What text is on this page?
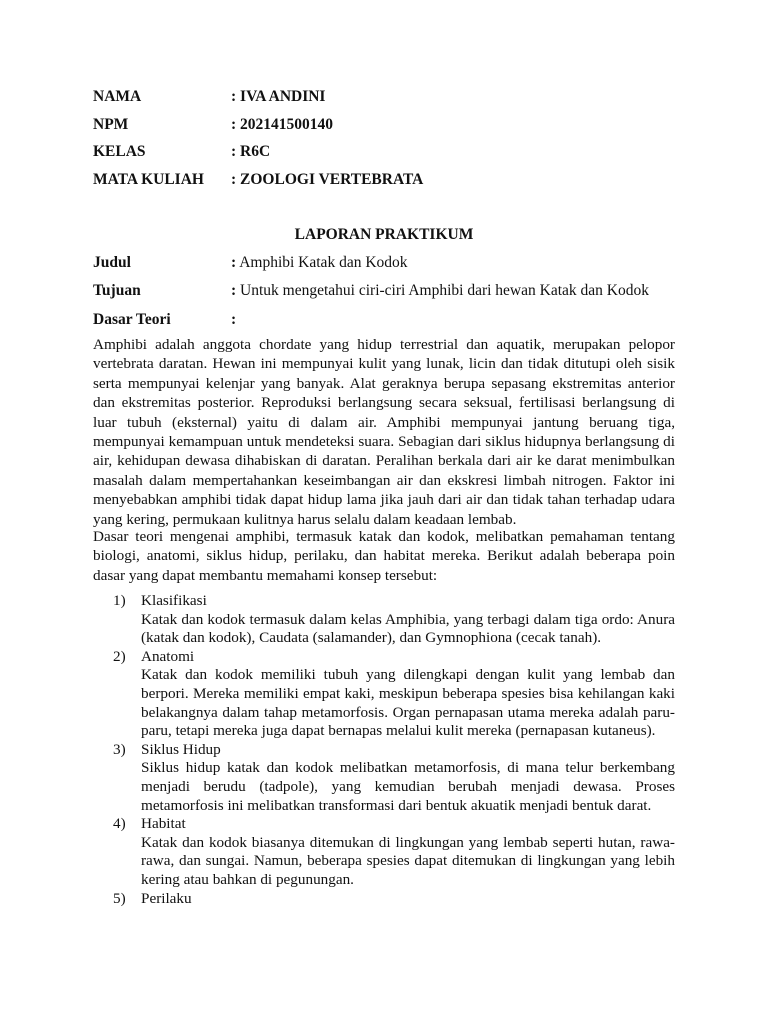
NAMA	: IVA ANDINI
NPM	: 202141500140
KELAS	: R6C
MATA KULIAH : ZOOLOGI VERTEBRATA
LAPORAN PRAKTIKUM
Judul	: Amphibi Katak dan Kodok
Tujuan	: Untuk mengetahui ciri-ciri Amphibi dari hewan Katak dan Kodok
Dasar Teori	:

Amphibi adalah anggota chordate yang hidup terrestrial dan aquatik, merupakan pelopor vertebrata daratan. Hewan ini mempunyai kulit yang lunak, licin dan tidak ditutupi oleh sisik serta mempunyai kelenjar yang banyak. Alat geraknya berupa sepasang ekstremitas anterior dan ekstremitas posterior. Reproduksi berlangsung secara seksual, fertilisasi berlangsung di luar tubuh (eksternal) yaitu di dalam air. Amphibi mempunyai jantung beruang tiga, mempunyai kemampuan untuk mendeteksi suara. Sebagian dari siklus hidupnya berlangsung di air, kehidupan dewasa dihabiskan di daratan. Peralihan berkala dari air ke darat menimbulkan masalah dalam mempertahankan keseimbangan air dan ekskresi limbah nitrogen. Faktor ini menyebabkan amphibi tidak dapat hidup lama jika jauh dari air dan tidak tahan terhadap udara yang kering, permukaan kulitnya harus selalu dalam keadaan lembab.

Dasar teori mengenai amphibi, termasuk katak dan kodok, melibatkan pemahaman tentang biologi, anatomi, siklus hidup, perilaku, dan habitat mereka. Berikut adalah beberapa poin dasar yang dapat membantu memahami konsep tersebut:

1) Klasifikasi
Katak dan kodok termasuk dalam kelas Amphibia, yang terbagi dalam tiga ordo: Anura (katak dan kodok), Caudata (salamander), dan Gymnophiona (cecak tanah).
2) Anatomi
Katak dan kodok memiliki tubuh yang dilengkapi dengan kulit yang lembab dan berpori. Mereka memiliki empat kaki, meskipun beberapa spesies bisa kehilangan kaki belakangnya dalam tahap metamorfosis. Organ pernapasan utama mereka adalah paru-paru, tetapi mereka juga dapat bernapas melalui kulit mereka (pernapasan kutaneus).
3) Siklus Hidup
Siklus hidup katak dan kodok melibatkan metamorfosis, di mana telur berkembang menjadi berudu (tadpole), yang kemudian berubah menjadi dewasa. Proses metamorfosis ini melibatkan transformasi dari bentuk akuatik menjadi bentuk darat.
4) Habitat
Katak dan kodok biasanya ditemukan di lingkungan yang lembab seperti hutan, rawa-rawa, dan sungai. Namun, beberapa spesies dapat ditemukan di lingkungan yang lebih kering atau bahkan di pegunungan.
5) Perilaku
